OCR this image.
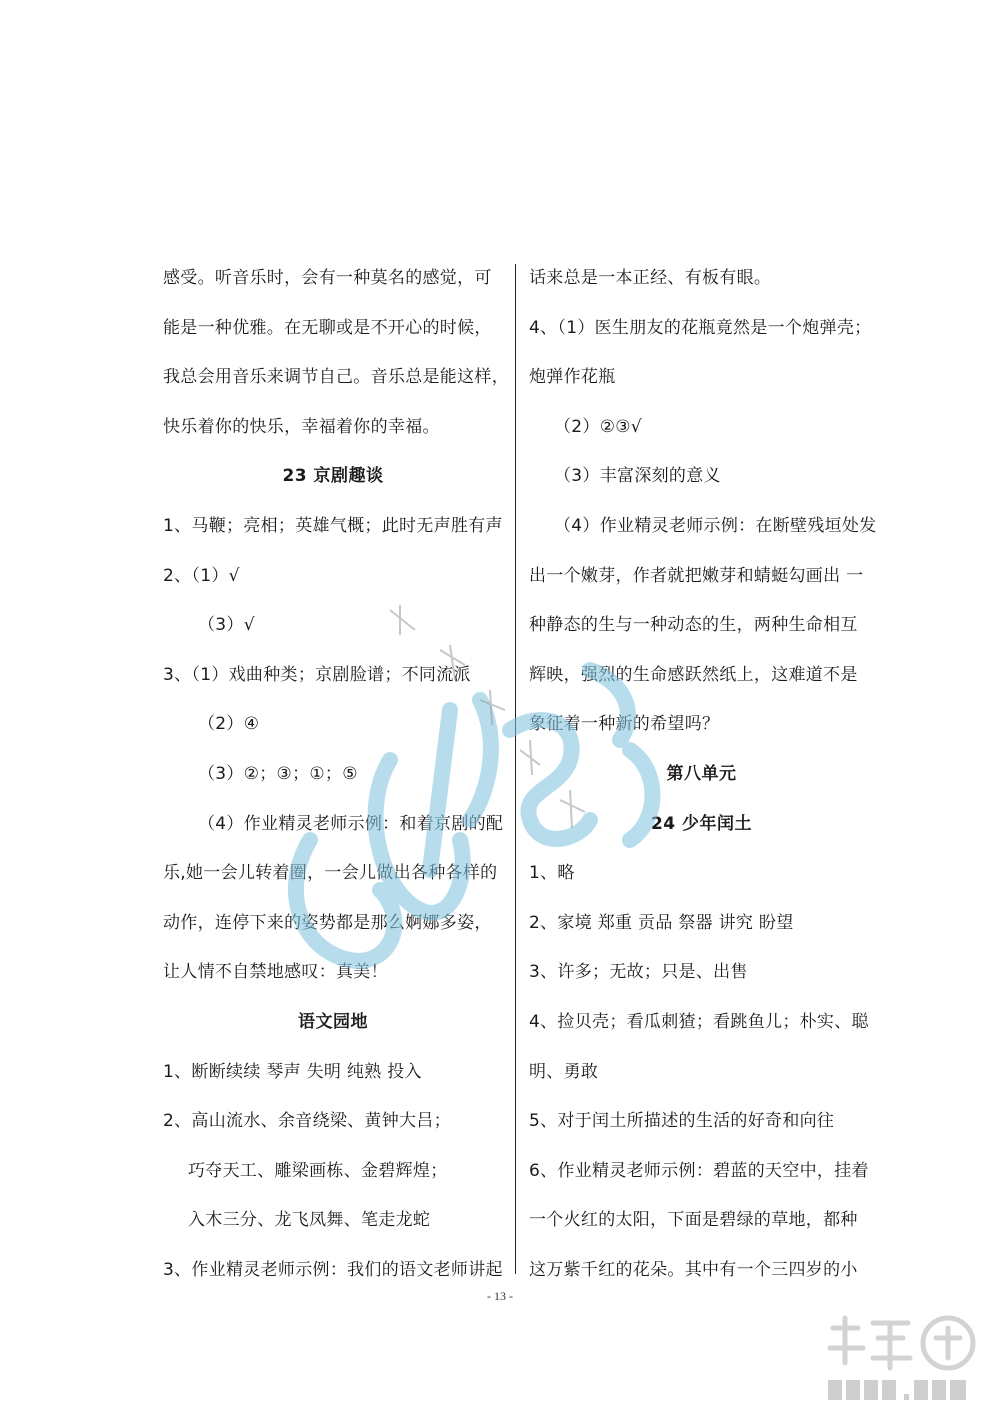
感受。听音乐时，会有一种莫名的感觉，可
能是一种优雅。在无聊或是不开心的时候，
我总会用音乐来调节自己。音乐总是能这样，
快乐着你的快乐，幸福着你的幸福。
23 京剧趣谈
1、马鞭；亮相；英雄气概；此时无声胜有声
2、（1）√
（3）√
3、（1）戏曲种类；京剧脸谱；不同流派
（2）④
（3）②；③；①；⑤
（4）作业精灵老师示例：和着京剧的配
乐,她一会儿转着圈，一会儿做出各种各样的
动作，连停下来的姿势都是那么婀娜多姿，
让人情不自禁地感叹：真美！
语文园地
1、断断续续 琴声 失明 纯熟 投入
2、高山流水、余音绕梁、黄钟大吕；
巧夺天工、雕梁画栋、金碧辉煌；
入木三分、龙飞凤舞、笔走龙蛇
3、作业精灵老师示例：我们的语文老师讲起
话来总是一本正经、有板有眼。
4、（1）医生朋友的花瓶竟然是一个炮弹壳；
炮弹作花瓶
（2）②③√
（3）丰富深刻的意义
（4）作业精灵老师示例：在断壁残垣处发
出一个嫩芽，作者就把嫩芽和蜻蜓勾画出 一
种静态的生与一种动态的生，两种生命相互
辉映，强烈的生命感跃然纸上，这难道不是
象征着一种新的希望吗？
第八单元
24 少年闰土
1、略
2、家境 郑重 贡品 祭器 讲究 盼望
3、许多；无故；只是、出售
4、捡贝壳；看瓜刺猹；看跳鱼儿；朴实、聪
明、勇敢
5、对于闰土所描述的生活的好奇和向往
6、作业精灵老师示例：碧蓝的天空中，挂着
一个火红的太阳，下面是碧绿的草地，都种
这万紫千红的花朵。其中有一个三四岁的小
- 13 -
